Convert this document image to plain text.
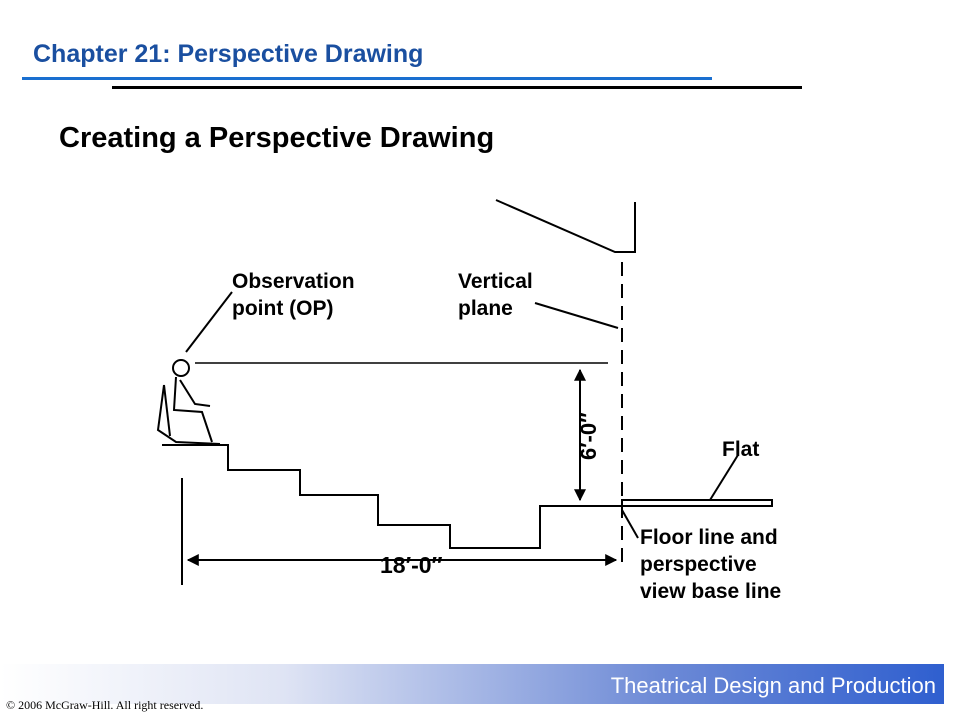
Chapter 21: Perspective Drawing
Creating a Perspective Drawing
Observation
point (OP)
Vertical
plane
6′-0″	Flat
Floor line and
perspective
view base line
18′-0″
Theatrical Design and Production
© 2006 McGraw-Hill. All right reserved.
